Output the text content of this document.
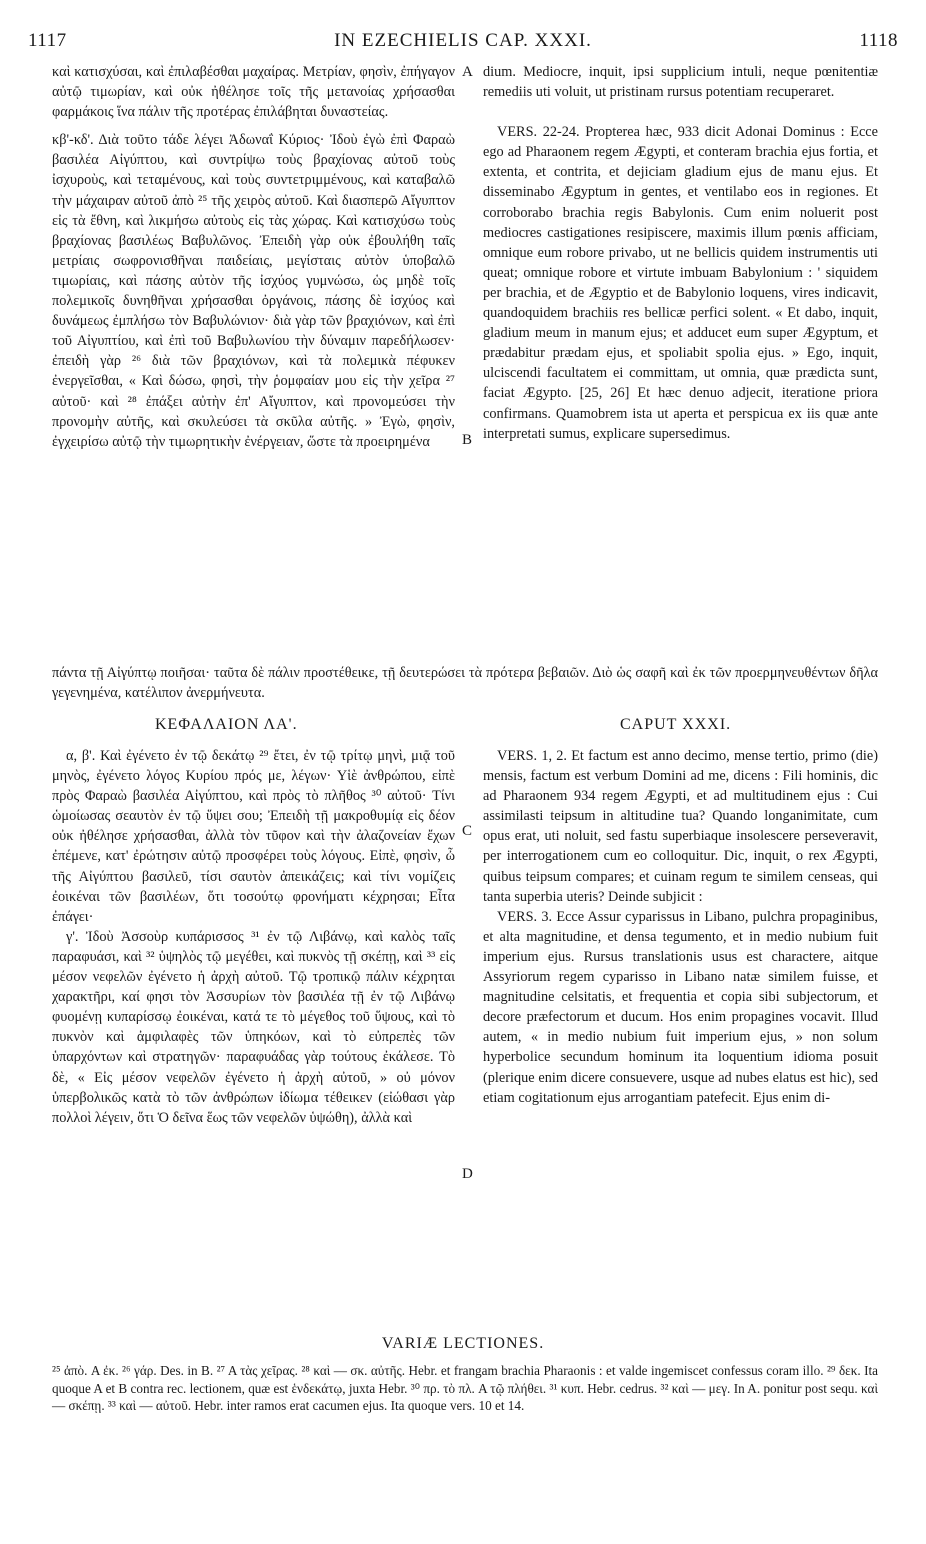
1117	IN EZECHIELIS CAP. XXXI.	1118

καὶ κατισχύσαι, καὶ ἐπιλαβέσθαι μαχαίρας. Μετρίαν, φησὶν, ἐπήγαγον αὐτῷ τιμωρίαν, καὶ οὐκ ἠθέλησε τοῖς τῆς μετανοίας χρήσασθαι φαρμάκοις ἵνα πάλιν τῆς προτέρας ἐπιλάβηται δυναστείας.

κβ'-κδ'. Διὰ τοῦτο τάδε λέγει Ἀδωναΐ Κύριος· Ἰδοὺ ἐγὼ ἐπὶ Φαραὼ βασιλέα Αἰγύπτου, καὶ συντρίψω τοὺς βραχίονας αὐτοῦ τοὺς ἰσχυροὺς, καὶ τεταμένους, καὶ τοὺς συντετριμμένους, καὶ καταβαλῶ τὴν μάχαιραν αὐτοῦ ἀπὸ ²⁵ τῆς χειρὸς αὐτοῦ. Καὶ διασπερῶ Αἴγυπτον εἰς τὰ ἔθνη, καὶ λικμήσω αὐτοὺς εἰς τὰς χώρας. Καὶ κατισχύσω τοὺς βραχίονας βασιλέως Βαβυλῶνος. Ἐπειδὴ γὰρ οὐκ ἐβουλήθη ταῖς μετρίαις σωφρονισθῆναι παιδείαις, μεγίσταις αὐτὸν ὑποβαλῶ τιμωρίαις, καὶ πάσης αὐτὸν τῆς ἰσχύος γυμνώσω, ὡς μηδὲ τοῖς πολεμικοῖς δυνηθῆναι χρήσασθαι ὀργάνοις, πάσης δὲ ἰσχύος καὶ δυνάμεως ἐμπλήσω τὸν Βαβυλώνιον· διὰ γὰρ τῶν βραχιόνων, καὶ ἐπὶ τοῦ Αἰγυπτίου, καὶ ἐπὶ τοῦ Βαβυλωνίου τὴν δύναμιν παρεδήλωσεν· ἐπειδὴ γὰρ ²⁶ διὰ τῶν βραχιόνων, καὶ τὰ πολεμικὰ πέφυκεν ἐνεργεῖσθαι, « Καὶ δώσω, φησὶ, τὴν ῥομφαίαν μου εἰς τὴν χεῖρα ²⁷ αὐτοῦ· καὶ ²⁸ ἐπάξει αὐτὴν ἐπ' Αἴγυπτον, καὶ προνομεύσει τὴν προνομὴν αὐτῆς, καὶ σκυλεύσει τὰ σκῦλα αὐτῆς. » Ἐγὼ, φησὶν, ἐγχειρίσω αὐτῷ τὴν τιμωρητικὴν ἐνέργειαν, ὥστε τὰ προειρημένα

dium. Mediocre, inquit, ipsi supplicium intuli, neque pœnitentiæ remediis uti voluit, ut pristinam rursus potentiam recuperaret.

VERS. 22-24. Propterea hæc, 933 dicit Adonai Dominus : Ecce ego ad Pharaonem regem Ægypti, et conteram brachia ejus fortia, et extenta, et contrita, et dejiciam gladium ejus de manu ejus. Et disseminabo Ægyptum in gentes, et ventilabo eos in regiones. Et corroborabo brachia regis Babylonis. Cum enim noluerit post mediocres castigationes resipiscere, maximis illum pœnis afficiam, omnique eum robore privabo, ut ne bellicis quidem instrumentis uti queat; omnique robore et virtute imbuam Babylonium : ' siquidem per brachia, et de Ægyptio et de Babylonio loquens, vires indicavit, quandoquidem brachiis res bellicæ perfici solent. « Et dabo, inquit, gladium meum in manum ejus; et adducet eum super Ægyptum, et prædabitur prædam ejus, et spoliabit spolia ejus. » Ego, inquit, ulciscendi facultatem ei committam, ut omnia, quæ prædicta sunt, faciat Ægypto. [25, 26] Et hæc denuo adjecit, iteratione priora confirmans. Quamobrem ista ut aperta et perspicua ex iis quæ ante interpretati sumus, explicare supersedimus.

A
B
πάντα τῇ Αἰγύπτῳ ποιῆσαι· ταῦτα δὲ πάλιν προστέθεικε, τῇ δευτερώσει τὰ πρότερα βεβαιῶν. Διὸ ὡς σαφῆ καὶ ἐκ τῶν προερμηνευθέντων δῆλα γεγενημένα, κατέλιπον ἀνερμήνευτα.
ΚΕΦΑΛΑΙΟΝ ΛΑ'.	CAPUT XXXI.

α, β'. Καὶ ἐγένετο ἐν τῷ δεκάτῳ ²⁹ ἔτει, ἐν τῷ τρίτῳ μηνὶ, μιᾷ τοῦ μηνὸς, ἐγένετο λόγος Κυρίου πρός με, λέγων· Υἱὲ ἀνθρώπου, εἰπὲ πρὸς Φαραὼ βασιλέα Αἰγύπτου, καὶ πρὸς τὸ πλῆθος ³⁰ αὐτοῦ· Τίνι ὡμοίωσας σεαυτὸν ἐν τῷ ὕψει σου; Ἐπειδὴ τῇ μακροθυμίᾳ εἰς δέον οὐκ ἠθέλησε χρήσασθαι, ἀλλὰ τὸν τῦφον καὶ τὴν ἀλαζονείαν ἔχων ἐπέμενε, κατ' ἐρώτησιν αὐτῷ προσφέρει τοὺς λόγους. Εἰπὲ, φησὶν, ὦ τῆς Αἰγύπτου βασιλεῦ, τίσι σαυτὸν ἀπεικάζεις; καὶ τίνι νομίζεις ἐοικέναι τῶν βασιλέων, ὅτι τοσούτῳ φρονήματι κέχρησαι; Εἶτα ἐπάγει·

γ'. Ἰδοὺ Ἀσσοὺρ κυπάρισσος ³¹ ἐν τῷ Λιβάνῳ, καὶ καλὸς ταῖς παραφυάσι, καὶ ³² ὑψηλὸς τῷ μεγέθει, καὶ πυκνὸς τῇ σκέπῃ, καὶ ³³ εἰς μέσον νεφελῶν ἐγένετο ἡ ἀρχὴ αὐτοῦ. Τῷ τροπικῷ πάλιν κέχρηται χαρακτῆρι, καί φησι τὸν Ἀσσυρίων τὸν βασιλέα τῇ ἐν τῷ Λιβάνῳ φυομένῃ κυπαρίσσῳ ἐοικέναι, κατά τε τὸ μέγεθος τοῦ ὕψους, καὶ τὸ πυκνὸν καὶ ἀμφιλαφὲς τῶν ὑπηκόων, καὶ τὸ εὐπρεπὲς τῶν ὑπαρχόντων καὶ στρατηγῶν· παραφυάδας γὰρ τούτους ἐκάλεσε. Τὸ δὲ, « Εἰς μέσον νεφελῶν ἐγένετο ἡ ἀρχὴ αὐτοῦ, » οὐ μόνον ὑπερβολικῶς κατὰ τὸ τῶν ἀνθρώπων ἰδίωμα τέθεικεν (εἰώθασι γὰρ πολλοὶ λέγειν, ὅτι Ὁ δεῖνα ἕως τῶν νεφελῶν ὑψώθη), ἀλλὰ καὶ

VERS. 1, 2. Et factum est anno decimo, mense tertio, primo (die) mensis, factum est verbum Domini ad me, dicens : Fili hominis, dic ad Pharaonem 934 regem Ægypti, et ad multitudinem ejus : Cui assimilasti teipsum in altitudine tua? Quando longanimitate, cum opus erat, uti noluit, sed fastu superbiaque insolescere perseveravit, per interrogationem cum eo colloquitur. Dic, inquit, o rex Ægypti, quibus teipsum compares; et cuinam regum te similem censeas, qui tanta superbia uteris? Deinde subjicit :

VERS. 3. Ecce Assur cyparissus in Libano, pulchra propaginibus, et alta magnitudine, et densa tegumento, et in medio nubium fuit imperium ejus. Rursus translationis usus est charactere, aitque Assyriorum regem cyparisso in Libano natæ similem fuisse, et magnitudine celsitatis, et frequentia et copia sibi subjectorum, et decore præfectorum et ducum. Hos enim propagines vocavit. Illud autem, « in medio nubium fuit imperium ejus, » non solum hyperbolice secundum hominum ita loquentium idioma posuit (plerique enim dicere consuevere, usque ad nubes elatus est hic), sed etiam cogitationum ejus arrogantiam patefecit. Ejus enim di-

C
D
VARIÆ LECTIONES.
²⁵ ἀπὸ. A ἐκ. ²⁶ γάρ. Des. in B. ²⁷ A τὰς χεῖρας. ²⁸ καὶ — σκ. αὐτῆς. Hebr. et frangam brachia Pharaonis : et valde ingemiscet confessus coram illo. ²⁹ δεκ. Ita quoque A et B contra rec. lectionem, quæ est ἑνδεκάτῳ, juxta Hebr. ³⁰ πρ. τὸ πλ. A τῷ πλήθει. ³¹ κυπ. Hebr. cedrus. ³² καὶ — μεγ. In A. ponitur post sequ. καὶ — σκέπῃ. ³³ καὶ — αὐτοῦ. Hebr. inter ramos erat cacumen ejus. Ita quoque vers. 10 et 14.
